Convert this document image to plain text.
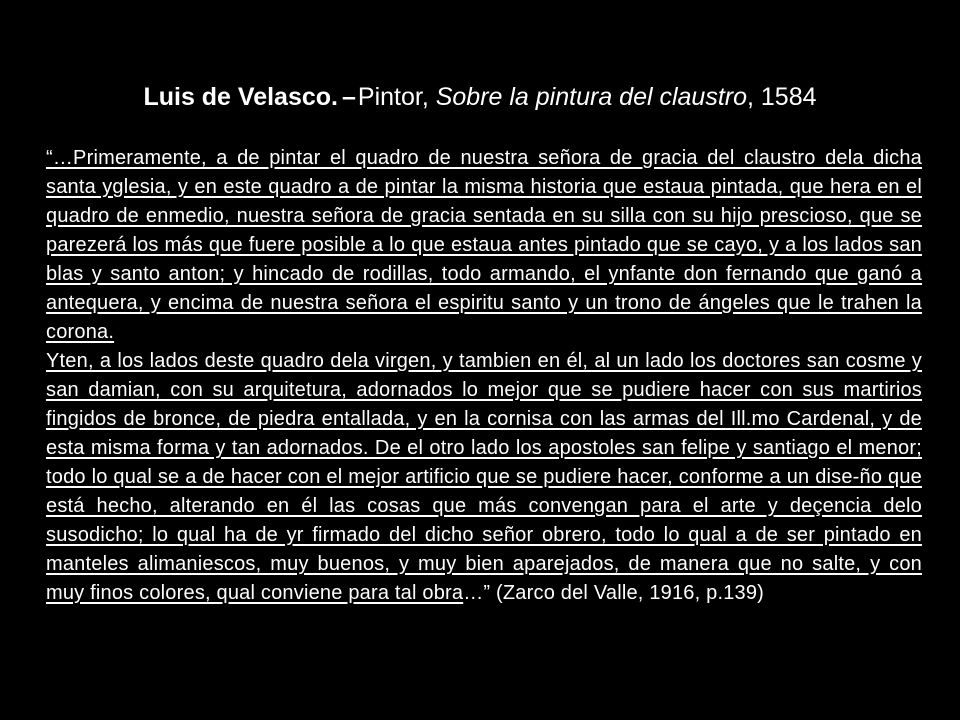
Luis de Velasco. –Pintor, Sobre la pintura del claustro, 1584

“…Primeramente, a de pintar el quadro de nuestra señora de gracia del claustro dela dicha santa yglesia, y en este quadro a de pintar la misma historia que estaua pintada, que hera en el quadro de enmedio, nuestra señora de gracia sentada en su silla con su hijo prescioso, que se parezerá los más que fuere posible a lo que estaua antes pintado que se cayo, y a los lados san blas y santo anton; y hincado de rodillas, todo armando, el ynfante don fernando que ganó a antequera, y encima de nuestra señora el espiritu santo y un trono de ángeles que le trahen la corona.

Yten, a los lados deste quadro dela virgen, y tambien en él, al un lado los doctores san cosme y san damian, con su arquitetura, adornados lo mejor que se pudiere hacer con sus martirios fingidos de bronce, de piedra entallada, y en la cornisa con las armas del Ill.mo Cardenal, y de esta misma forma y tan adornados. De el otro lado los apostoles san felipe y santiago el menor; todo lo qual se a de hacer con el mejor artificio que se pudiere hacer, conforme a un dise-ño que está hecho, alterando en él las cosas que más convengan para el arte y deçencia delo susodicho; lo qual ha de yr firmado del dicho señor obrero, todo lo qual a de ser pintado en manteles alimaniescos, muy buenos, y muy bien aparejados, de manera que no salte, y con muy finos colores, qual conviene para tal obra…” (Zarco del Valle, 1916, p.139)
